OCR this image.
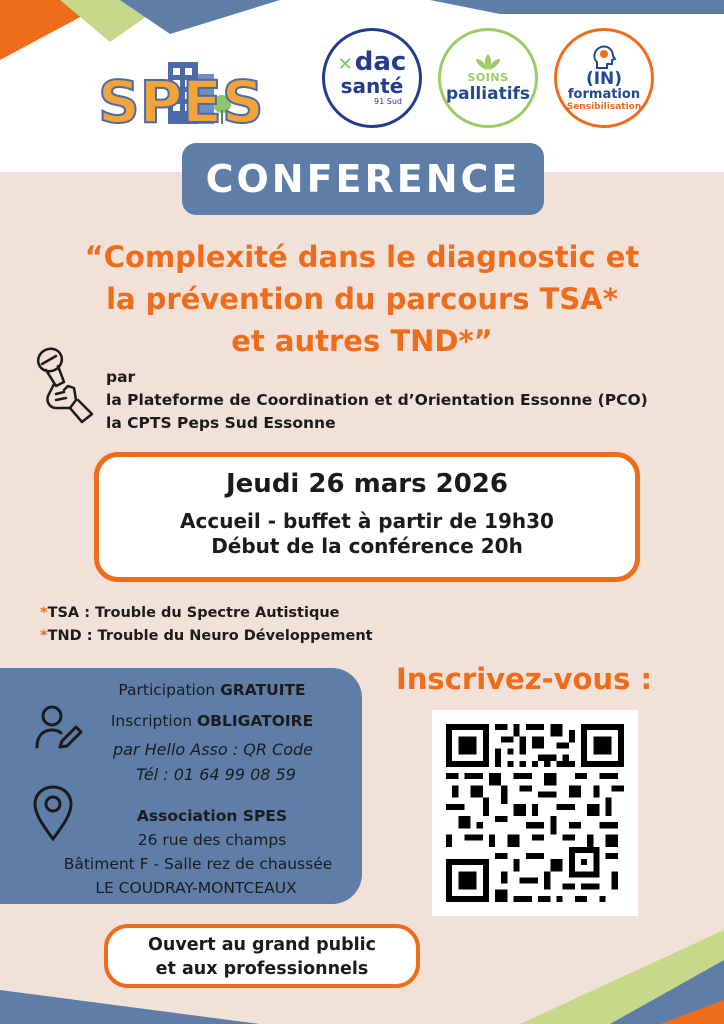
SPES
✕dac
santé
91 Sud
SOINS
palliatifs
(IN)
formation
Sensibilisation
CONFERENCE
“Complexité dans le diagnostic et
la prévention du parcours TSA*
et autres TND*”
par
la Plateforme de Coordination et d’Orientation Essonne (PCO)
la CPTS Peps Sud Essonne
Jeudi 26 mars 2026
Accueil - buffet à partir de 19h30
Début de la conférence 20h
*TSA : Trouble du Spectre Autistique
*TND : Trouble du Neuro Développement
Participation GRATUITE
Inscription OBLIGATOIRE
par Hello Asso : QR Code
Tél : 01 64 99 08 59
Association SPES
26 rue des champs
Bâtiment F - Salle rez de chaussée
LE COUDRAY-MONTCEAUX
Inscrivez-vous :
Ouvert au grand public
et aux professionnels
